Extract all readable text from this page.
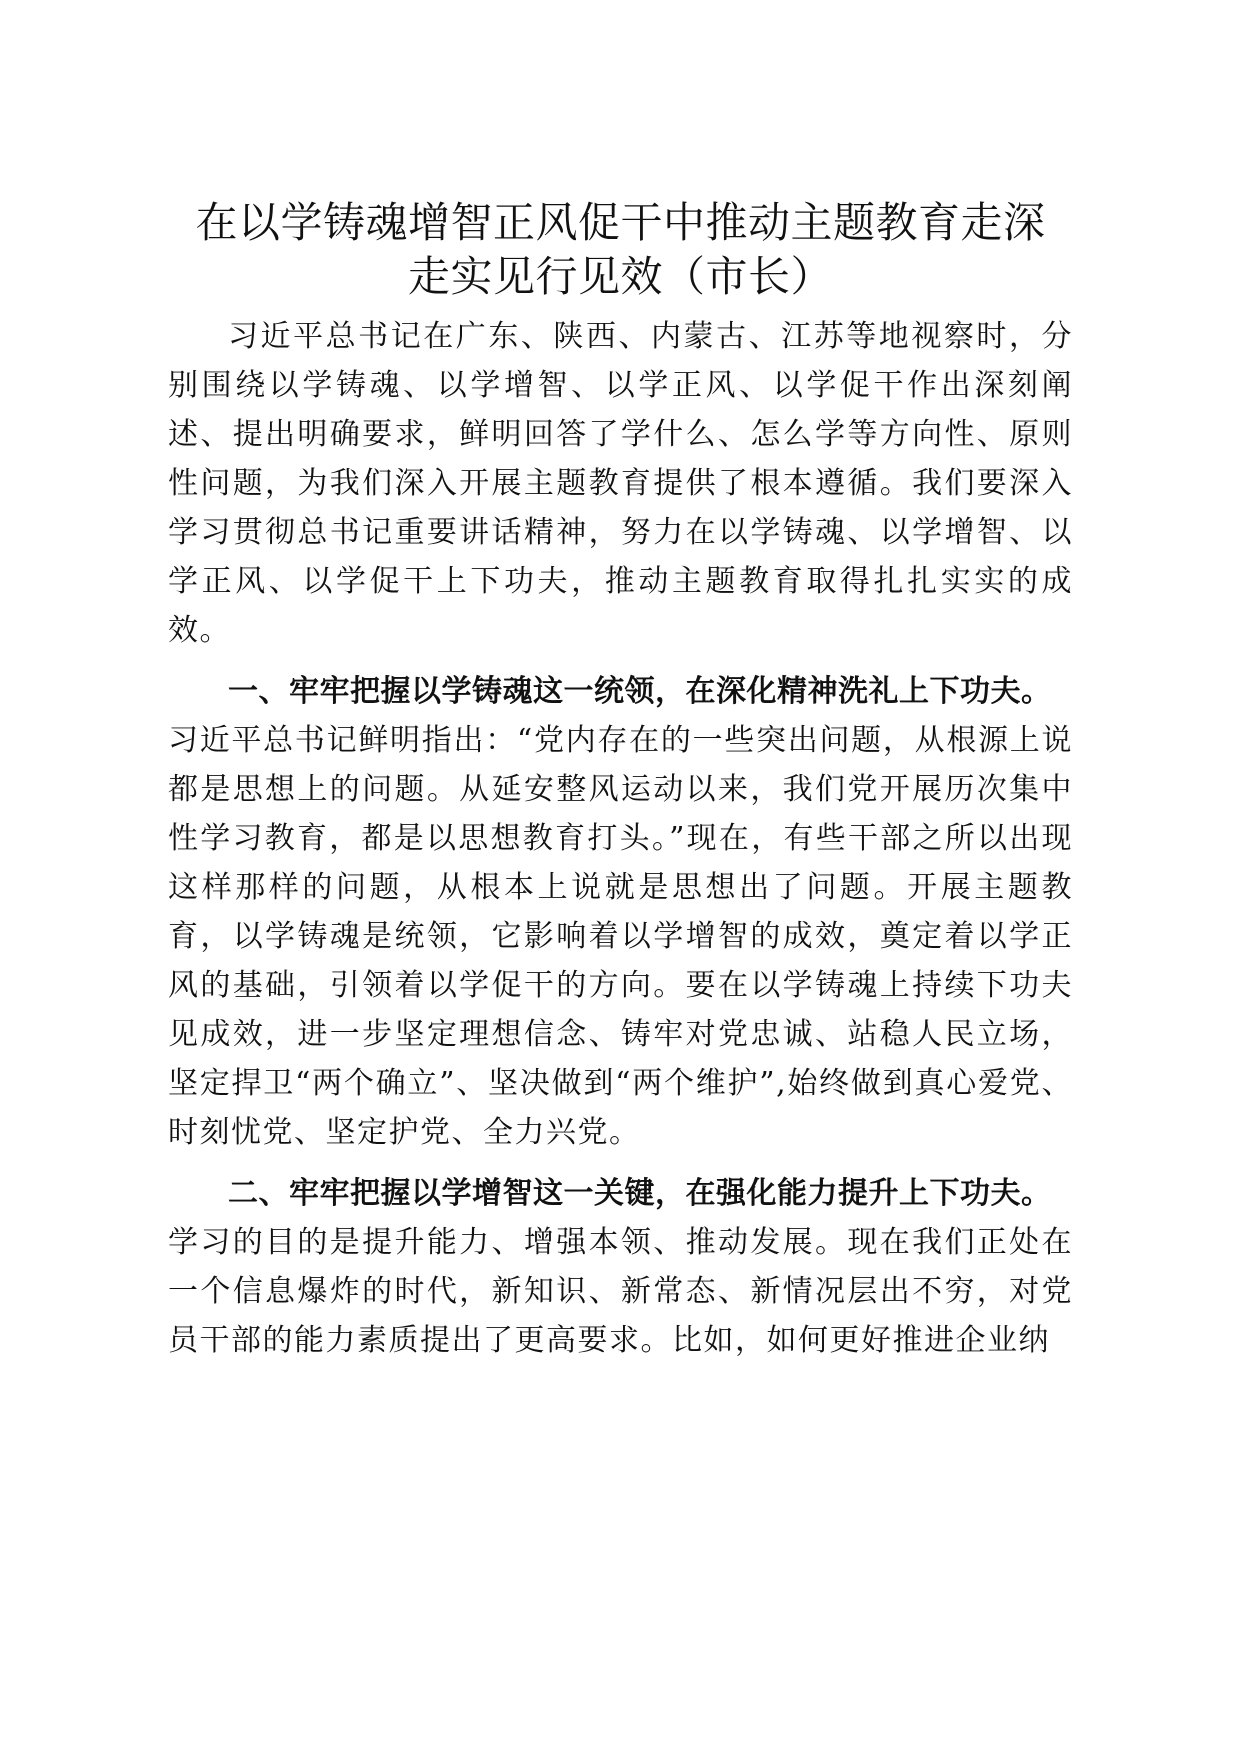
在以学铸魂增智正风促干中推动主题教育走深
走实见行见效（市长）

习近平总书记在广东、陕西、内蒙古、江苏等地视察时，分别围绕以学铸魂、以学增智、以学正风、以学促干作出深刻阐述、提出明确要求，鲜明回答了学什么、怎么学等方向性、原则性问题，为我们深入开展主题教育提供了根本遵循。我们要深入学习贯彻总书记重要讲话精神，努力在以学铸魂、以学增智、以学正风、以学促干上下功夫，推动主题教育取得扎扎实实的成效。

一、牢牢把握以学铸魂这一统领，在深化精神洗礼上下功夫。

习近平总书记鲜明指出：“党内存在的一些突出问题，从根源上说都是思想上的问题。从延安整风运动以来，我们党开展历次集中性学习教育，都是以思想教育打头。”现在，有些干部之所以出现这样那样的问题，从根本上说就是思想出了问题。开展主题教育，以学铸魂是统领，它影响着以学增智的成效，奠定着以学正风的基础，引领着以学促干的方向。要在以学铸魂上持续下功夫见成效，进一步坚定理想信念、铸牢对党忠诚、站稳人民立场，坚定捍卫“两个确立”、坚决做到“两个维护”,始终做到真心爱党、时刻忧党、坚定护党、全力兴党。

二、牢牢把握以学增智这一关键，在强化能力提升上下功夫。

学习的目的是提升能力、增强本领、推动发展。现在我们正处在一个信息爆炸的时代，新知识、新常态、新情况层出不穷，对党员干部的能力素质提出了更高要求。比如，如何更好推进企业纳
